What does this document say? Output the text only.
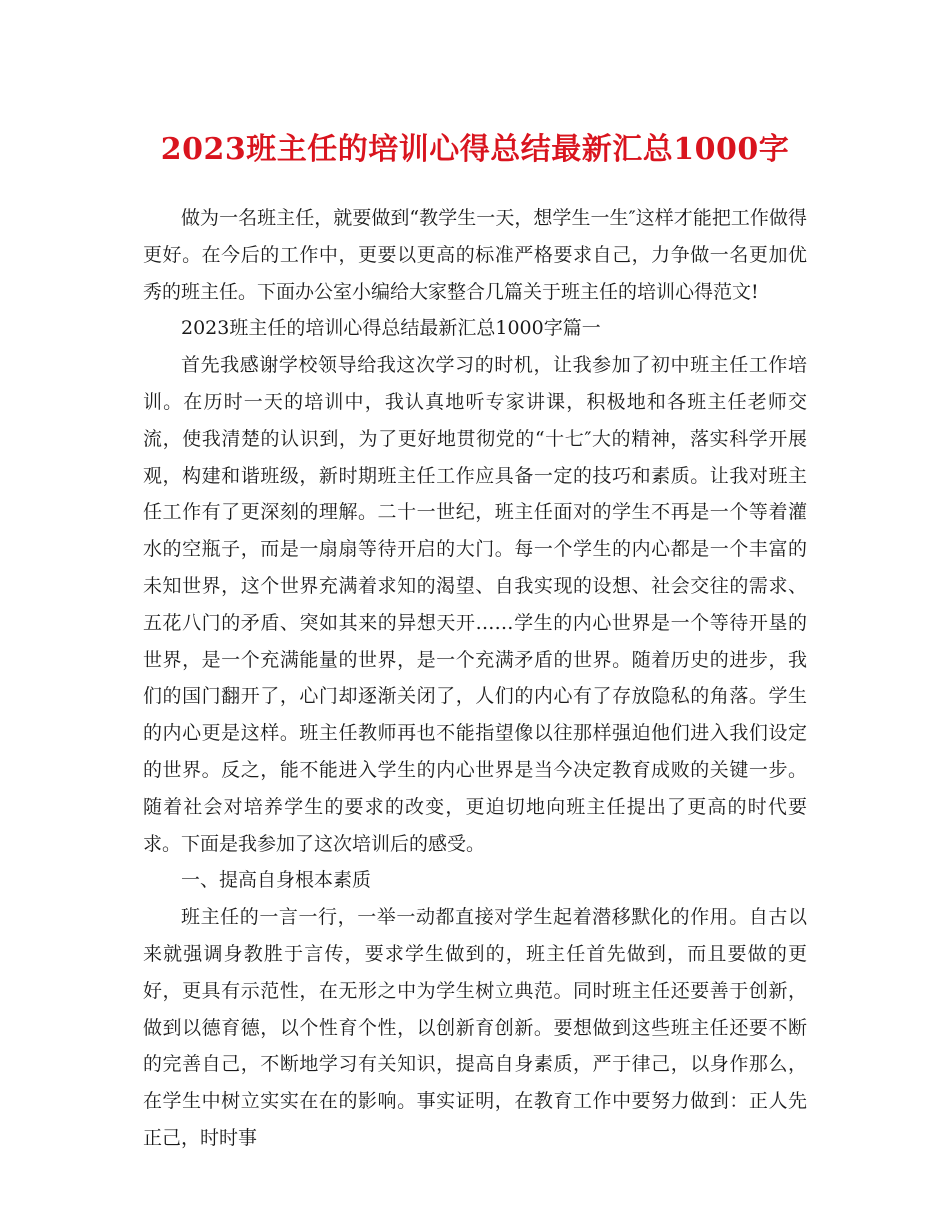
2023班主任的培训心得总结最新汇总1000字

做为一名班主任，就要做到“教学生一天，想学生一生″这样才能把工作做得更好。在今后的工作中，更要以更高的标准严格要求自己，力争做一名更加优秀的班主任。下面办公室小编给大家整合几篇关于班主任的培训心得范文!

2023班主任的培训心得总结最新汇总1000字篇一

首先我感谢学校领导给我这次学习的时机，让我参加了初中班主任工作培训。在历时一天的培训中，我认真地听专家讲课，积极地和各班主任老师交流，使我清楚的认识到，为了更好地贯彻党的“十七″大的精神，落实科学开展观，构建和谐班级，新时期班主任工作应具备一定的技巧和素质。让我对班主任工作有了更深刻的理解。二十一世纪，班主任面对的学生不再是一个等着灌水的空瓶子，而是一扇扇等待开启的大门。每一个学生的内心都是一个丰富的未知世界，这个世界充满着求知的渴望、自我实现的设想、社会交往的需求、五花八门的矛盾、突如其来的异想天开……学生的内心世界是一个等待开垦的世界，是一个充满能量的世界，是一个充满矛盾的世界。随着历史的进步，我们的国门翻开了，心门却逐渐关闭了，人们的内心有了存放隐私的角落。学生的内心更是这样。班主任教师再也不能指望像以往那样强迫他们进入我们设定的世界。反之，能不能进入学生的内心世界是当今决定教育成败的关键一步。随着社会对培养学生的要求的改变，更迫切地向班主任提出了更高的时代要求。下面是我参加了这次培训后的感受。

一、提高自身根本素质

班主任的一言一行，一举一动都直接对学生起着潜移默化的作用。自古以来就强调身教胜于言传，要求学生做到的，班主任首先做到，而且要做的更好，更具有示范性，在无形之中为学生树立典范。同时班主任还要善于创新，做到以德育德，以个性育个性，以创新育创新。要想做到这些班主任还要不断的完善自己，不断地学习有关知识，提高自身素质，严于律己，以身作那么，在学生中树立实实在在的影响。事实证明，在教育工作中要努力做到：正人先正己，时时事
